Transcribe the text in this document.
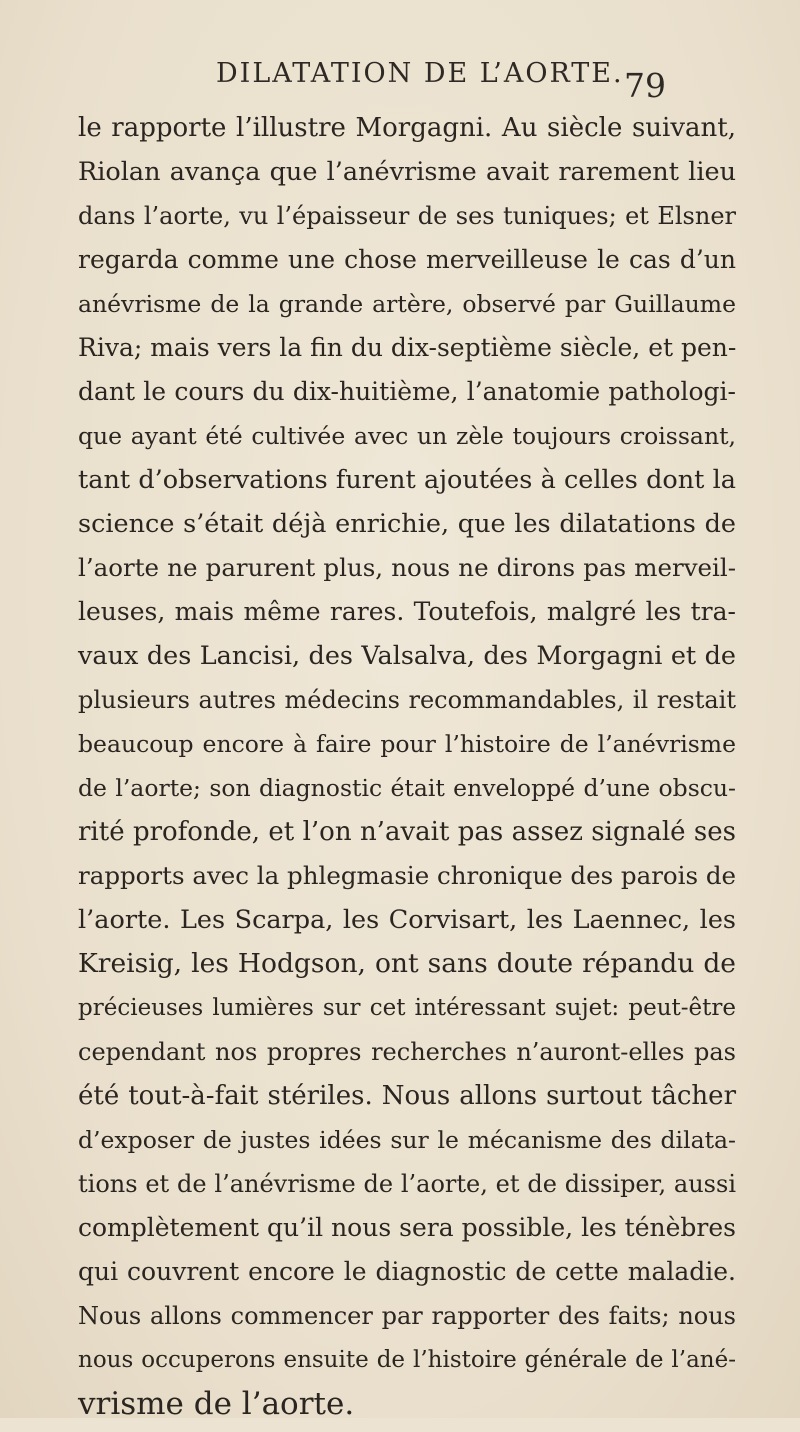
DILATATION DE L’AORTE. 79
le rapporte l’illustre Morgagni. Au siècle suivant,
Riolan avança que l’anévrisme avait rarement lieu
dans l’aorte, vu l’épaisseur de ses tuniques; et Elsner
regarda comme une chose merveilleuse le cas d’un
anévrisme de la grande artère, observé par Guillaume
Riva; mais vers la fin du dix-septième siècle, et pen-
dant le cours du dix-huitième, l’anatomie pathologi-
que ayant été cultivée avec un zèle toujours croissant,
tant d’observations furent ajoutées à celles dont la
science s’était déjà enrichie, que les dilatations de
l’aorte ne parurent plus, nous ne dirons pas merveil-
leuses, mais même rares. Toutefois, malgré les tra-
vaux des Lancisi, des Valsalva, des Morgagni et de
plusieurs autres médecins recommandables, il restait
beaucoup encore à faire pour l’histoire de l’anévrisme
de l’aorte; son diagnostic était enveloppé d’une obscu-
rité profonde, et l’on n’avait pas assez signalé ses
rapports avec la phlegmasie chronique des parois de
l’aorte. Les Scarpa, les Corvisart, les Laennec, les
Kreisig, les Hodgson, ont sans doute répandu de
précieuses lumières sur cet intéressant sujet: peut-être
cependant nos propres recherches n’auront-elles pas
été tout-à-fait stériles. Nous allons surtout tâcher
d’exposer de justes idées sur le mécanisme des dilata-
tions et de l’anévrisme de l’aorte, et de dissiper, aussi
complètement qu’il nous sera possible, les ténèbres
qui couvrent encore le diagnostic de cette maladie.
Nous allons commencer par rapporter des faits; nous
nous occuperons ensuite de l’histoire générale de l’ané-
vrisme de l’aorte.
